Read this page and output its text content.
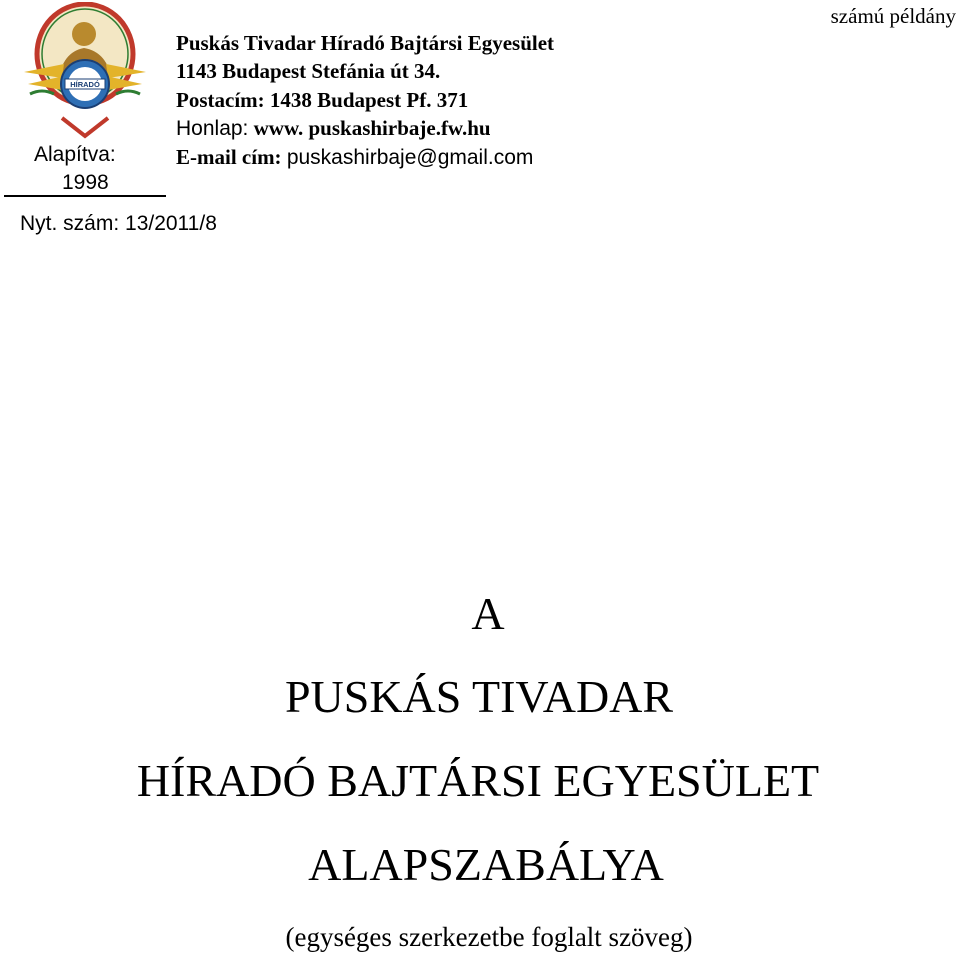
HÍRADÓ
Alapítva:
1998
Nyt. szám: 13/2011/8
Puskás Tivadar Híradó Bajtársi Egyesület
1143 Budapest Stefánia út 34.
Postacím: 1438 Budapest Pf. 371
Honlap: www. puskashirbaje.fw.hu
E-mail cím: puskashirbaje@gmail.com
számú példány
A
PUSKÁS TIVADAR
HÍRADÓ BAJTÁRSI EGYESÜLET
ALAPSZABÁLYA
(egységes szerkezetbe foglalt szöveg)
